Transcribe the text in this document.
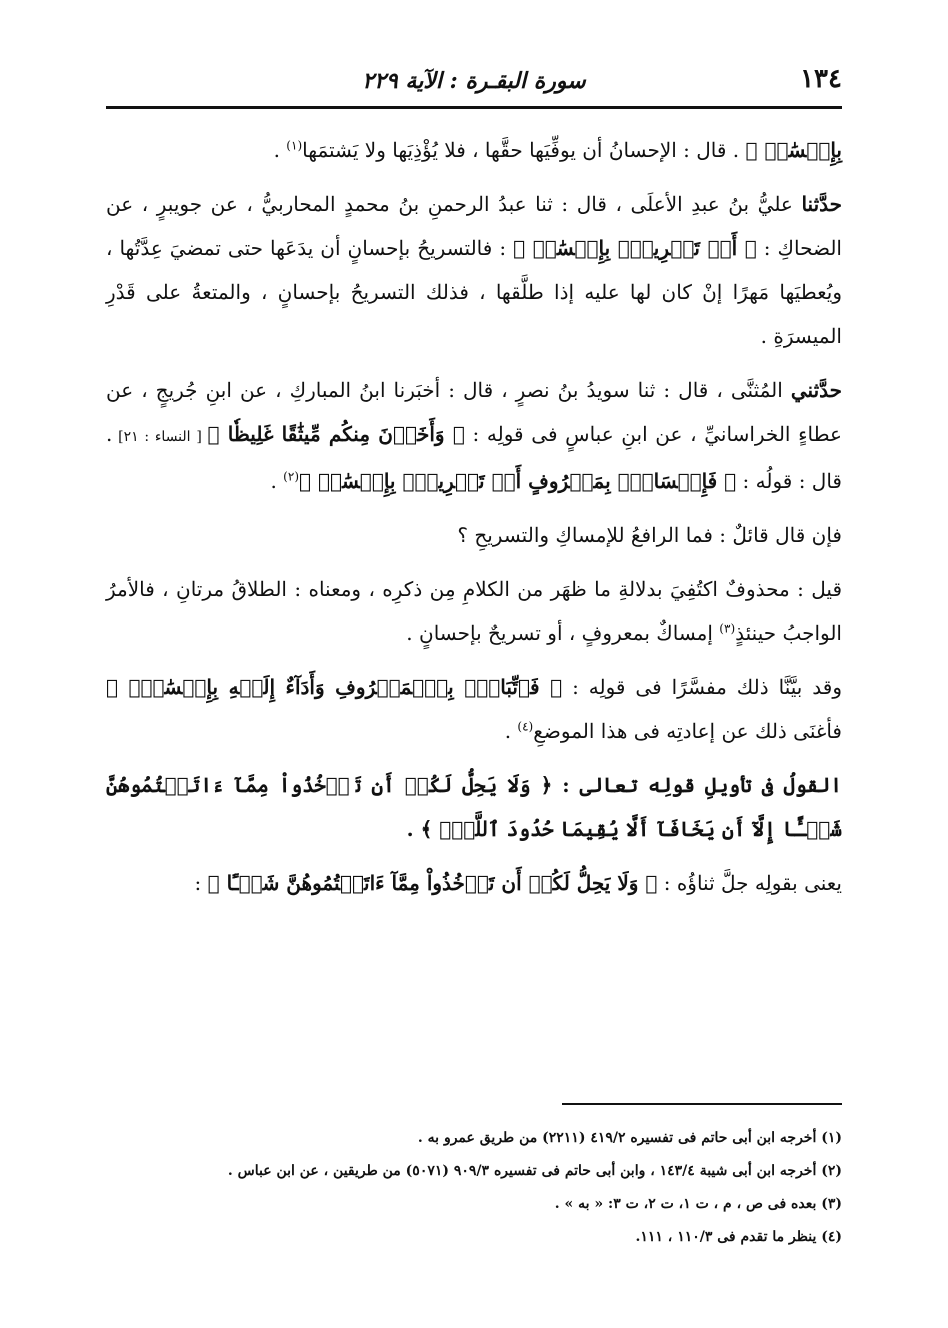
١٣٤
سورة البقـرة : الآية ٢٢٩

بِإِحۡسَٰنٖ ﴾ . قال : الإحسانُ أن يوفِّيَها حقَّها ، فلا يُؤْذِيَها ولا يَشتمَها$^{(١)}$ .

حدَّثنا عليُّ بنُ عبدِ الأعلَى ، قال : ثنا عبدُ الرحمنِ بنُ محمدٍ المحاربيُّ ، عن جويبرٍ ، عن الضحاكِ : ﴿ أَوۡ تَسۡرِيحُۢ بِإِحۡسَٰنٖ ﴾ : فالتسريحُ بإحسانٍ أن يدَعَها حتى تمضيَ عِدَّتُها ، ويُعطيَها مَهرًا إنْ كان لها عليه إذا طلَّقها ، فذلك التسريحُ بإحسانٍ ، والمتعةُ على قَدْرِ الميسرَةِ .

حدَّثني المُثنَّى ، قال : ثنا سويدُ بنُ نصرٍ ، قال : أخبَرنا ابنُ المباركِ ، عن ابنِ جُريجٍ ، عن عطاءٍ الخراسانيِّ ، عن ابنِ عباسٍ فى قولِه : ﴿ وَأَخَذۡنَ مِنكُم مِّيثَٰقًا غَلِيظٗا ﴾ [ النساء : ٢١] . قال : قولُه : ﴿ فَإِمۡسَاكُۢ بِمَعۡرُوفٍ أَوۡ تَسۡرِيحُۢ بِإِحۡسَٰنٖ ﴾$^{(٢)}$ .

فإن قال قائلٌ : فما الرافعُ للإمساكِ والتسريحِ ؟

قيل : محذوفٌ اكتُفِيَ بدلالةِ ما ظهَر من الكلامِ مِن ذكرِه ، ومعناه : الطلاقُ مرتانِ ، فالأمرُ الواجبُ حينئذٍ$^{(٣)}$ إمساكٌ بمعروفٍ ، أو تسريحٌ بإحسانٍ .

وقد بيَّنَّا ذلك مفسَّرًا فى قولِه : ﴿ فَٱتِّبَاعُۢ بِٱلۡمَعۡرُوفِ وَأَدَآءٌ إِلَيۡهِ بِإِحۡسَٰنٖۗ ﴾ فأغنَى ذلك عن إعادتِه فى هذا الموضعِ$^{(٤)}$ .

القولُ فى تأويلِ قولِه تعالى : ﴿ وَلَا يَحِلُّ لَكُمۡ أَن تَأۡخُذُواْ مِمَّآ ءَاتَيۡتُمُوهُنَّ شَيۡـًٔا إِلَّآ أَن يَخَافَآ أَلَّا يُقِيمَا حُدُودَ ٱللَّهِۖ ﴾ .

يعنى بقولِه جلَّ ثناؤُه : ﴿ وَلَا يَحِلُّ لَكُمۡ أَن تَأۡخُذُواْ مِمَّآ ءَاتَيۡتُمُوهُنَّ شَيۡـًٔا ﴾ :

(١) أخرجه ابن أبى حاتم فى تفسيره ٤١٩/٢ (٢٢١١) من طريق عمرو به .

(٢) أخرجه ابن أبى شيبة ١٤٣/٤ ، وابن أبى حاتم فى تفسيره ٩٠٩/٣ (٥٠٧١) من طريقين ، عن ابن عباس .

(٣) بعده فى ص ، م ، ت ١، ت ٢، ت ٣: « به » .

(٤) ينظر ما تقدم فى ١١٠/٣ ، ١١١.
